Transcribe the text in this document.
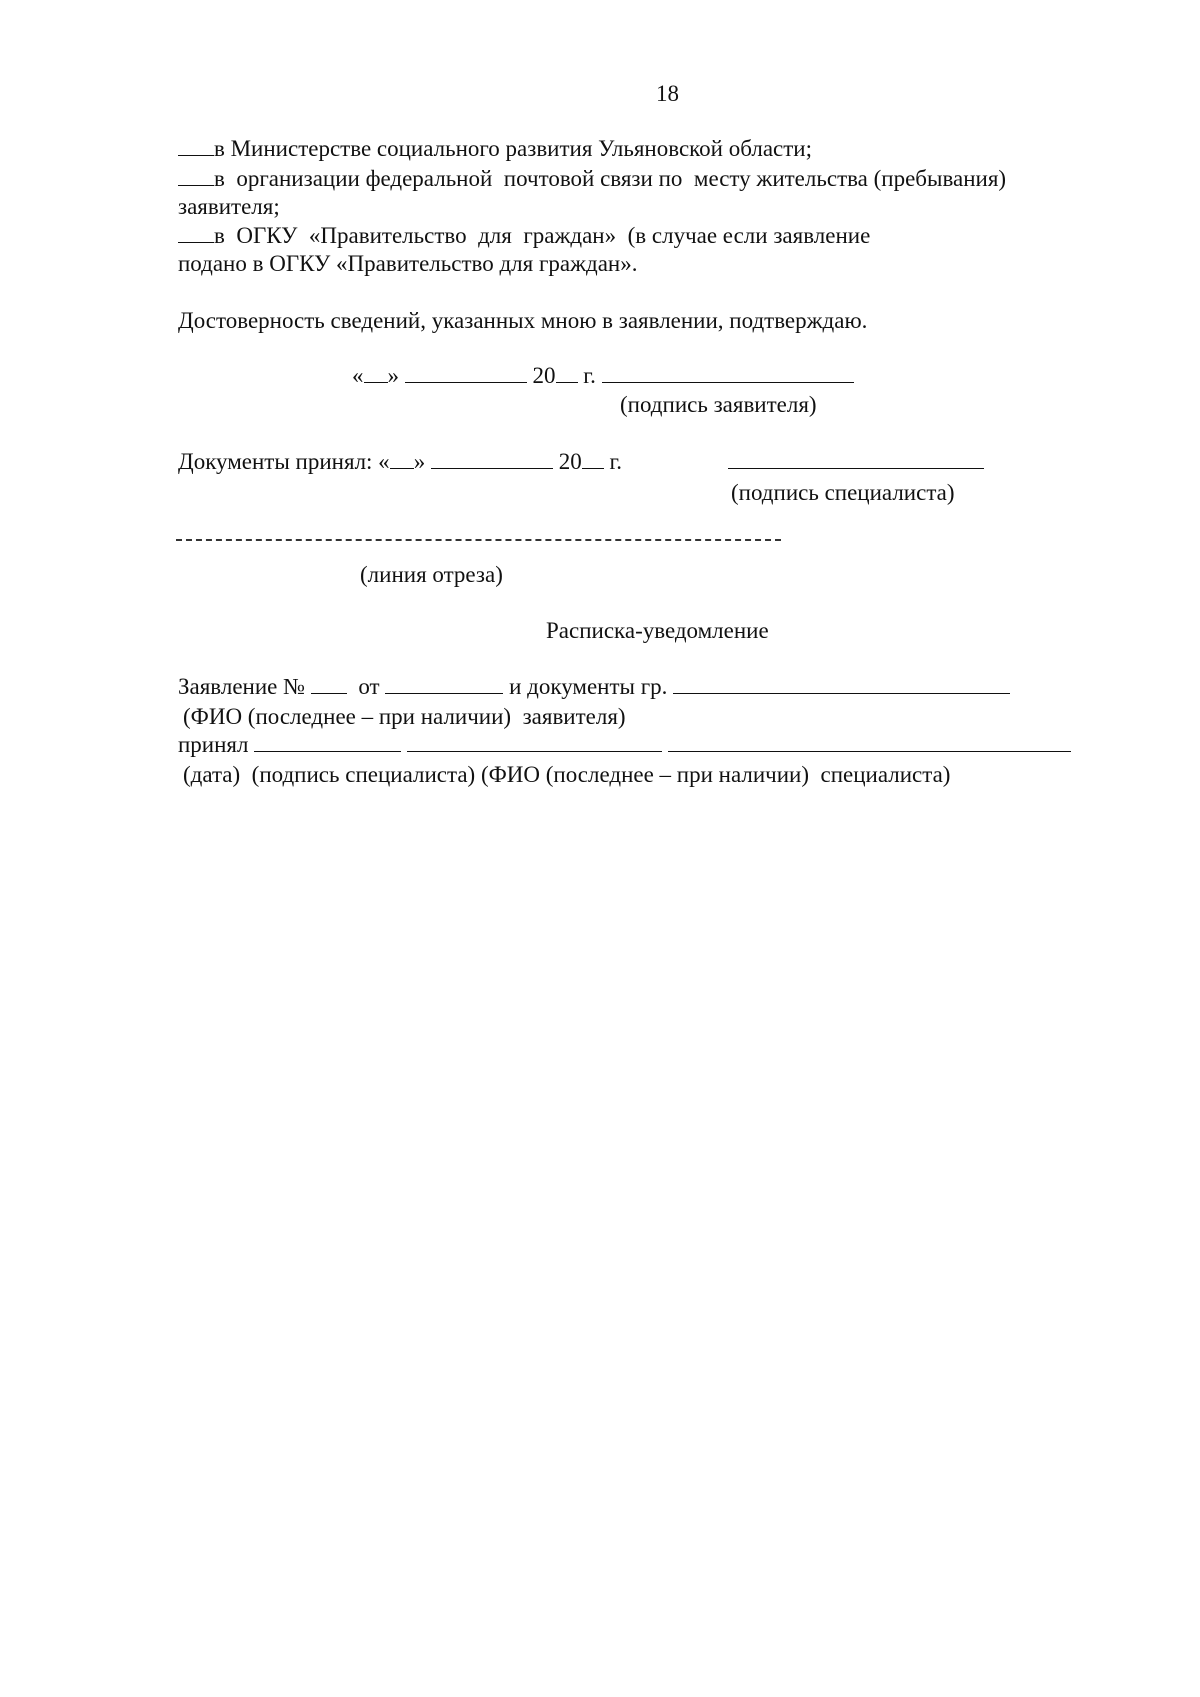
18
в Министерстве социального развития Ульяновской области;
в  организации федеральной  почтовой связи по  месту жительства (пребывания)
заявителя;
в  ОГКУ  «Правительство  для  граждан»  (в случае если заявление
подано в ОГКУ «Правительство для граждан».
Достоверность сведений, указанных мною в заявлении, подтверждаю.
« »	20 г.
(подпись заявителя)
Документы принял: « »	20 г.
(подпись специалиста)
(линия отреза)
Расписка-уведомление
Заявление № от	и документы гр.
(ФИО (последнее – при наличии)  заявителя)
принял
(дата)  (подпись специалиста) (ФИО (последнее – при наличии)  специалиста)
